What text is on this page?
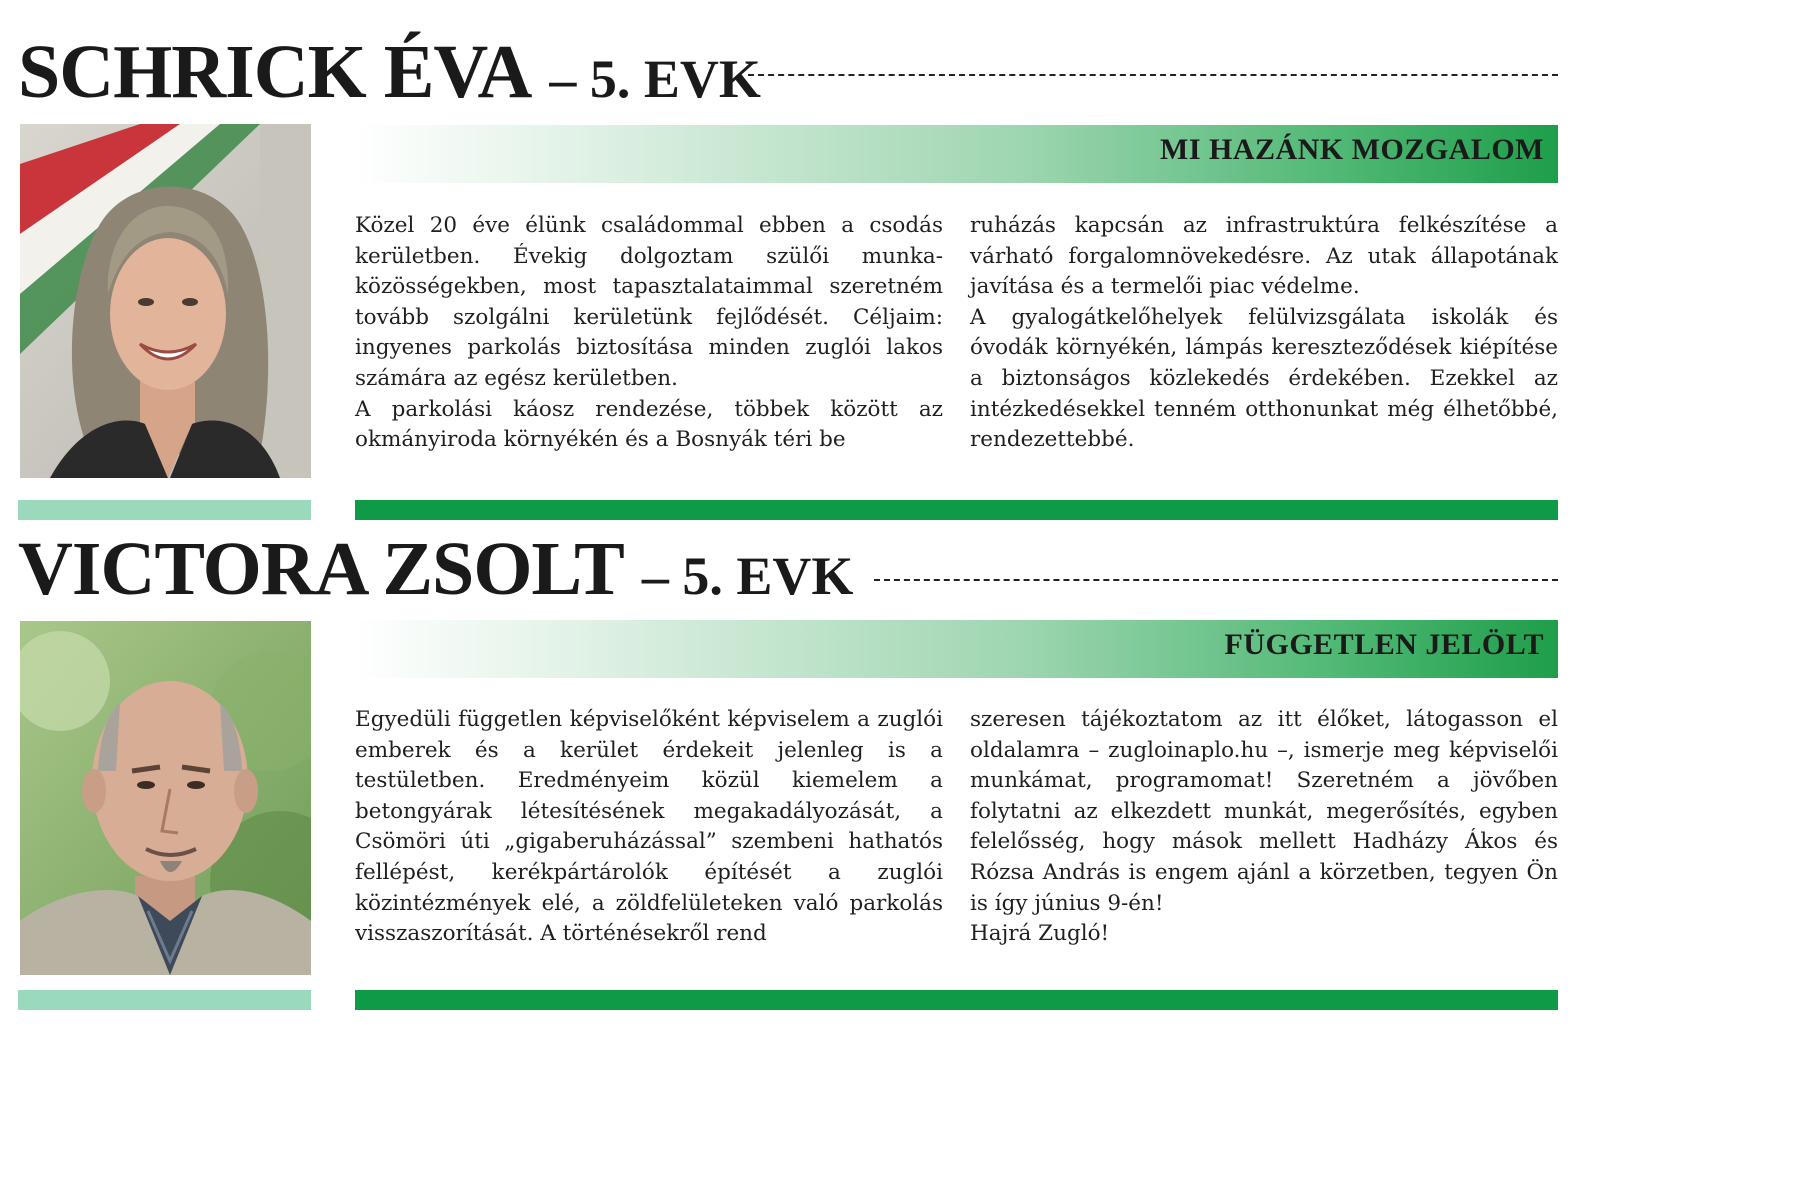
SCHRICK ÉVA – 5. EVK
MI HAZÁNK MOZGALOM

Közel 20 éve élünk családommal ebben a csodás kerületben. Évekig dolgoztam szülői munkaközösségekben, most tapasztalataimmal szeretném tovább szolgálni kerületünk fejlődését. Céljaim: ingyenes parkolás biztosítása minden zuglói lakos számára az egész kerületben.

A parkolási káosz rendezése, többek között az okmányiroda környékén és a Bosnyák téri be

ruházás kapcsán az infrastruktúra felkészítése a várható forgalomnövekedésre. Az utak állapotának javítása és a termelői piac védelme.

A gyalogátkelőhelyek felülvizsgálata iskolák és óvodák környékén, lámpás kereszteződések kiépítése a biztonságos közlekedés érdekében. Ezekkel az intézkedésekkel tenném otthonunkat még élhetőbbé, rendezettebbé.

VICTORA ZSOLT – 5. EVK
FÜGGETLEN JELÖLT

Egyedüli független képviselőként képviselem a zuglói emberek és a kerület érdekeit jelenleg is a testületben. Eredményeim közül kiemelem a betongyárak létesítésének megakadályozását, a Csömöri úti „gigaberuházással” szembeni hathatós fellépést, kerékpártárolók építését a zuglói közintézmények elé, a zöldfelületeken való parkolás visszaszorítását. A történésekről rend

szeresen tájékoztatom az itt élőket, látogasson el oldalamra – zugloinaplo.hu –, ismerje meg képviselői munkámat, programomat! Szeretném a jövőben folytatni az elkezdett munkát, megerősítés, egyben felelősség, hogy mások mellett Hadházy Ákos és Rózsa András is engem ajánl a körzetben, tegyen Ön is így június 9-én!

Hajrá Zugló!
